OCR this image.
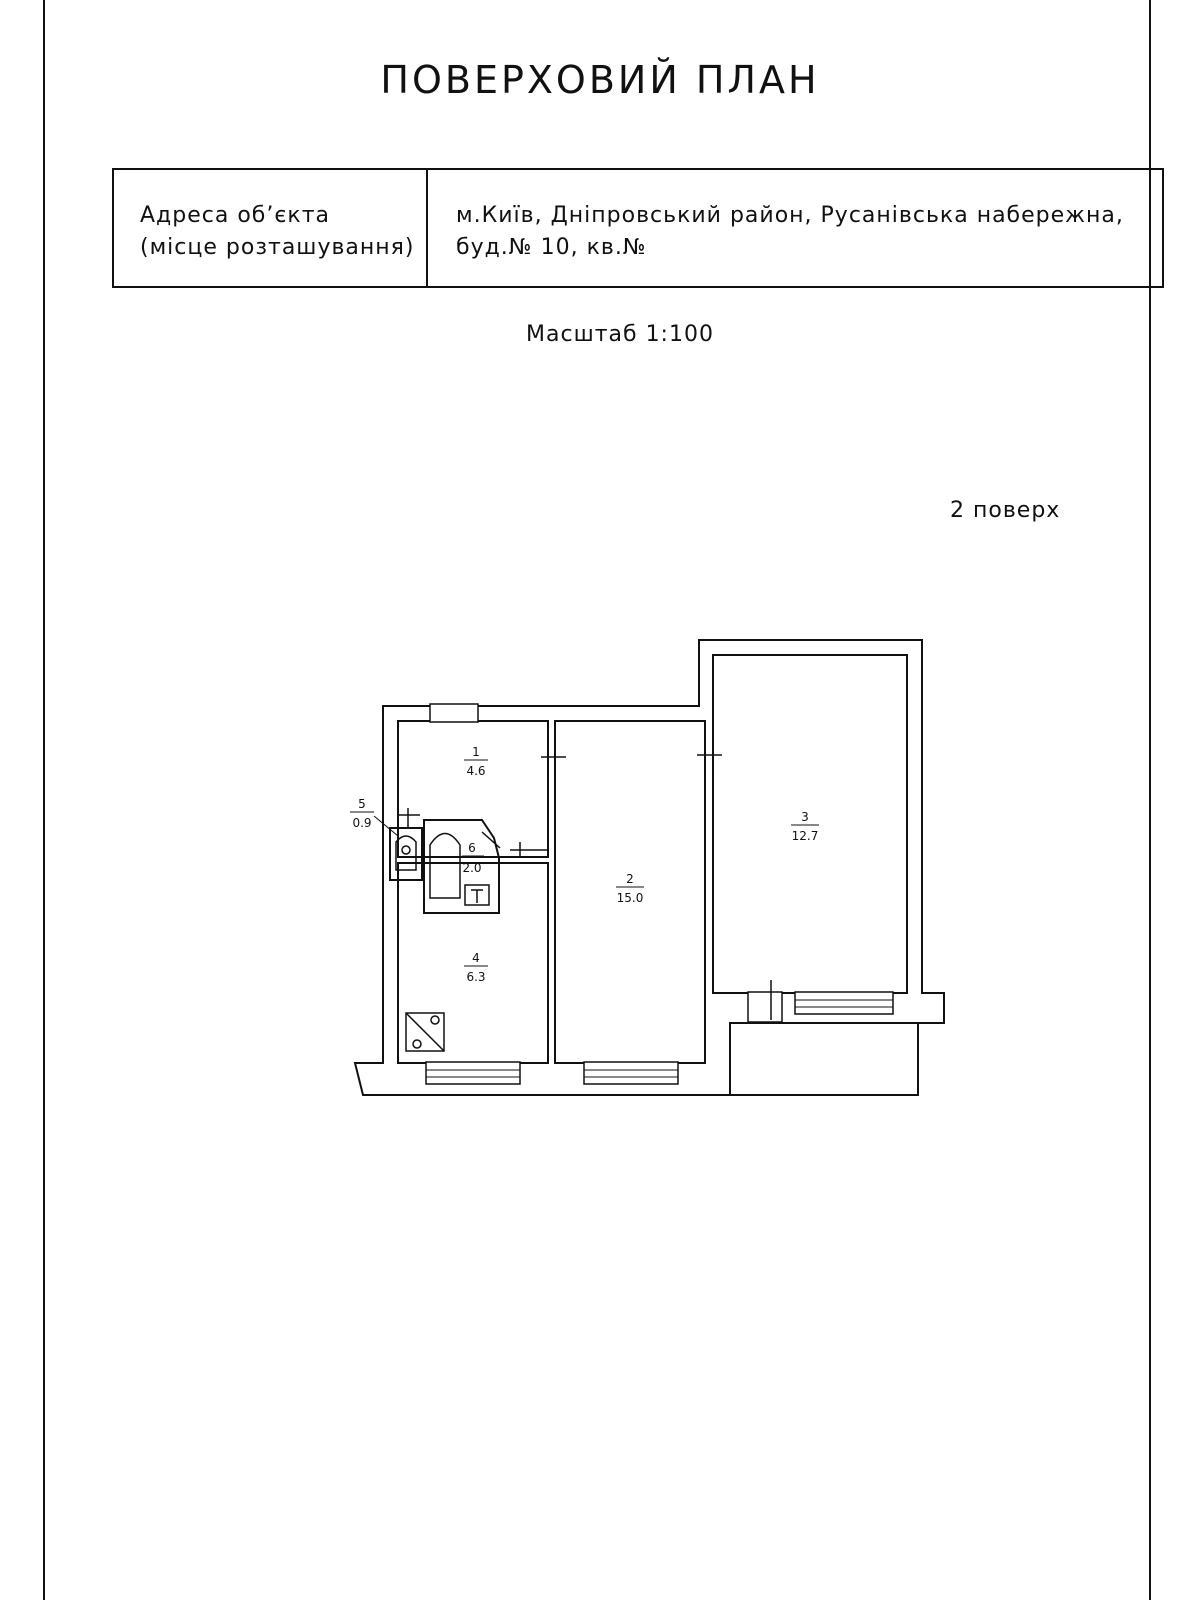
ПОВЕРХОВИЙ ПЛАН
Адреса об’єкта
(місце розташування)
м.Київ, Дніпровський район, Русанівська набережна,
буд.№ 10, кв.№
Масштаб 1:100
2 поверх
1
4.6
2
15.0
3
12.7
4
6.3
5
0.9
6
2.0
